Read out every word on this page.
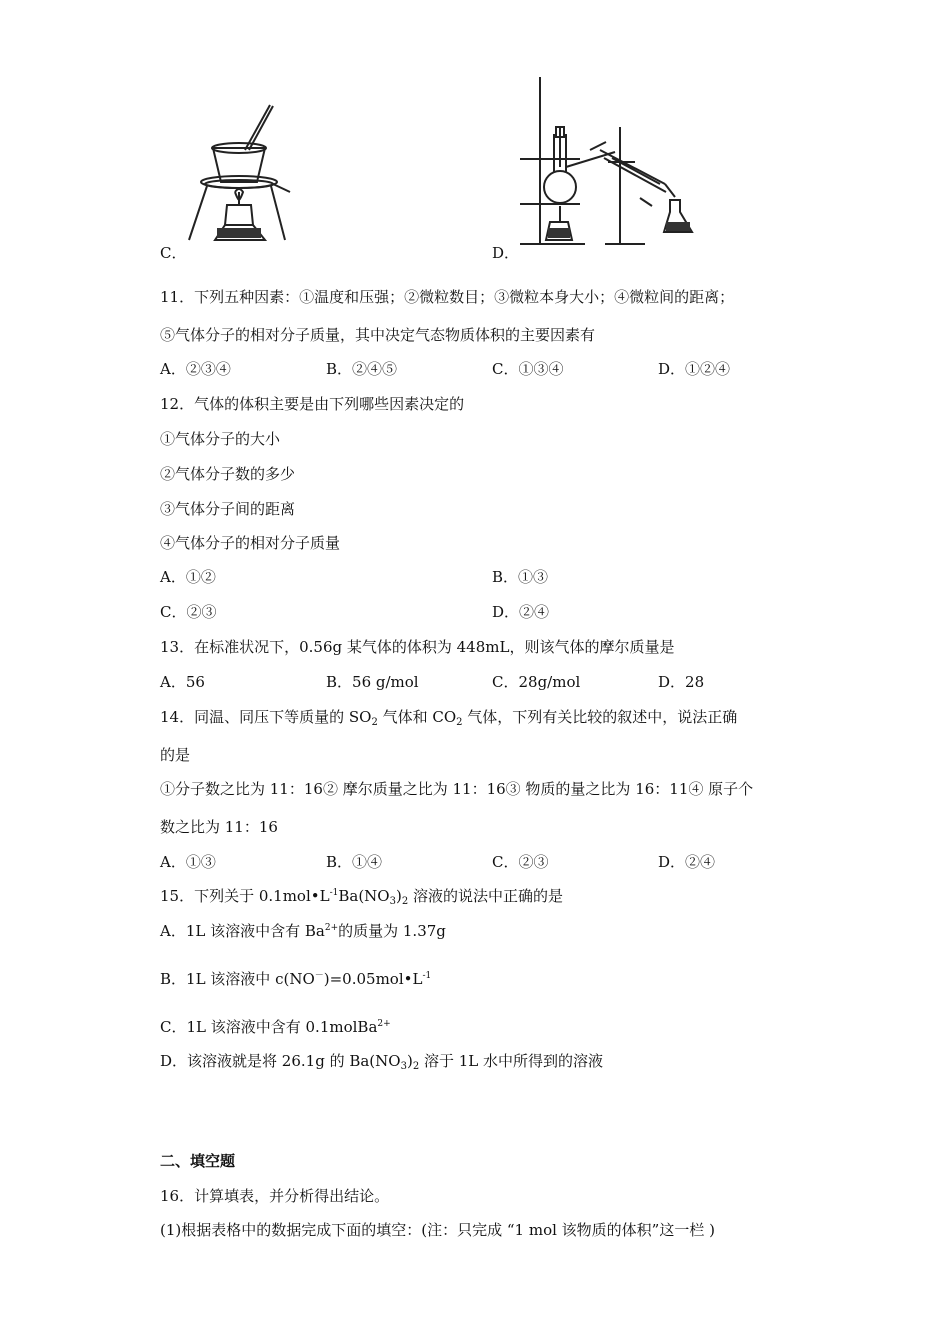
C．	D．
11．下列五种因素：①温度和压强；②微粒数目；③微粒本身大小；④微粒间的距离；
⑤气体分子的相对分子质量，其中决定气态物质体积的主要因素有
A．②③④	B．②④⑤	C．①③④	D．①②④
12．气体的体积主要是由下列哪些因素决定的
①气体分子的大小
②气体分子数的多少
③气体分子间的距离
④气体分子的相对分子质量
A．①②	B．①③
C．②③	D．②④
13．在标准状况下，0.56g 某气体的体积为 448mL，则该气体的摩尔质量是
A．56	B．56 g/mol	C．28g/mol	D．28
14．同温、同压下等质量的 $SO_2$ 气体和 $CO_2$ 气体，下列有关比较的叙述中，说法正确
的是
①分子数之比为 11：16② 摩尔质量之比为 11：16③ 物质的量之比为 16：11④ 原子个
数之比为 11：16
A．①③	B．①④	C．②③	D．②④
15．下列关于 $0.1mol•L^{-1}Ba(NO_3)_2$ 溶液的说法中正确的是
A．1L 该溶液中含有 $Ba^{2+}$的质量为 1.37g
B．1L 该溶液中 $c(NO^-)=0.05mol•L^{-1}$
C．1L 该溶液中含有 0.1molBa$^{2+}$
D．该溶液就是将 26.1g 的 $Ba(NO_3)_2$ 溶于 1L 水中所得到的溶液
二、填空题
16．计算填表，并分析得出结论。
(1)根据表格中的数据完成下面的填空：(注：只完成 “1 mol 该物质的体积”这一栏 )
